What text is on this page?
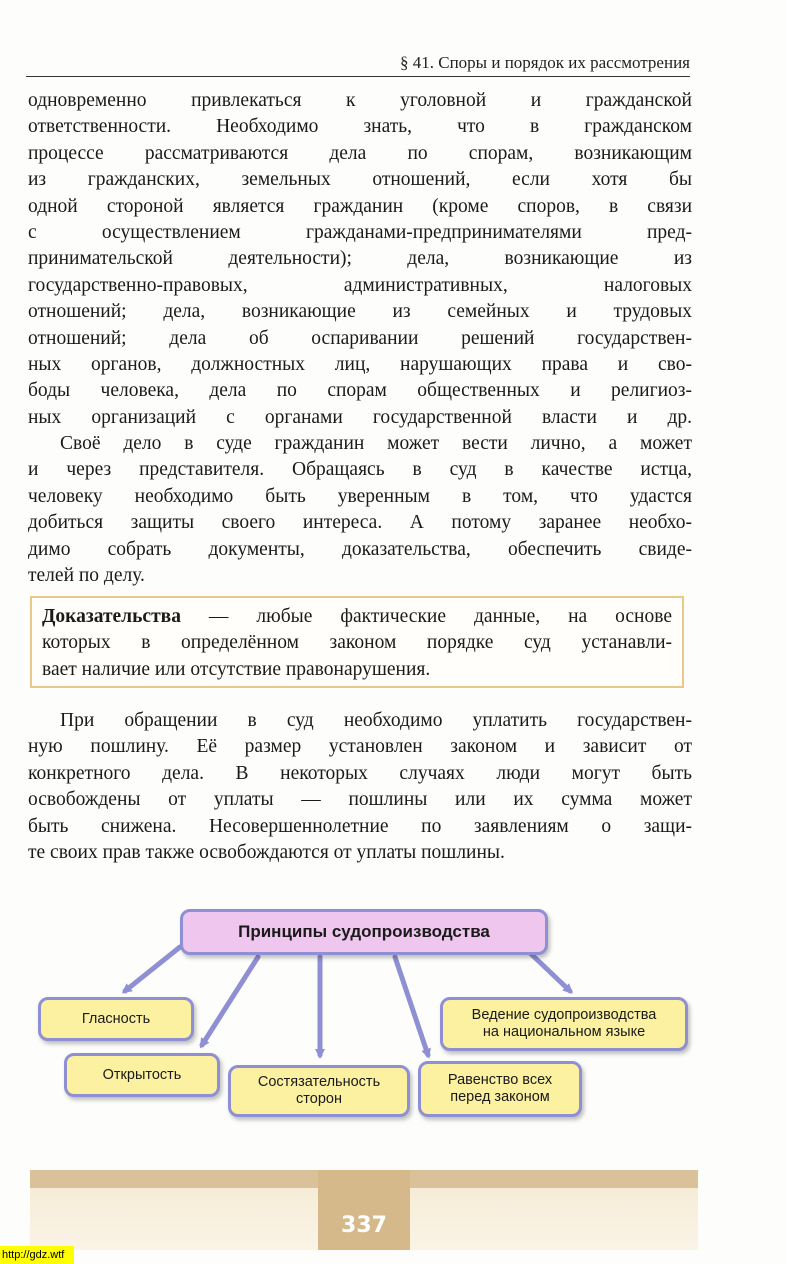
§ 41. Споры и порядок их рассмотрения
одновременно привлекаться к уголовной и гражданской
ответственности. Необходимо знать, что в гражданском
процессе рассматриваются дела по спорам, возникающим
из гражданских, земельных отношений, если хотя бы
одной стороной является гражданин (кроме споров, в связи
с осуществлением гражданами-предпринимателями пред-
принимательской деятельности); дела, возникающие из
государственно-правовых, административных, налоговых
отношений; дела, возникающие из семейных и трудовых
отношений; дела об оспаривании решений государствен-
ных органов, должностных лиц, нарушающих права и сво-
боды человека, дела по спорам общественных и религиоз-
ных организаций с органами государственной власти и др.
Своё дело в суде гражданин может вести лично, а может
и через представителя. Обращаясь в суд в качестве истца,
человеку необходимо быть уверенным в том, что удастся
добиться защиты своего интереса. А потому заранее необхо-
димо собрать документы, доказательства, обеспечить свиде-
телей по делу.
Доказательства — любые фактические данные, на основе
которых в определённом законом порядке суд устанавли-
вает наличие или отсутствие правонарушения.
При обращении в суд необходимо уплатить государствен-
ную пошлину. Её размер установлен законом и зависит от
конкретного дела. В некоторых случаях люди могут быть
освобождены от уплаты — пошлины или их сумма может
быть снижена. Несовершеннолетние по заявлениям о защи-
те своих прав также освобождаются от уплаты пошлины.
Принципы судопроизводства
Гласность
Открытость	Состязательность
сторон
Равенство всех
перед законом
Ведение судопроизводства
на национальном языке
337
http://gdz.wtf
